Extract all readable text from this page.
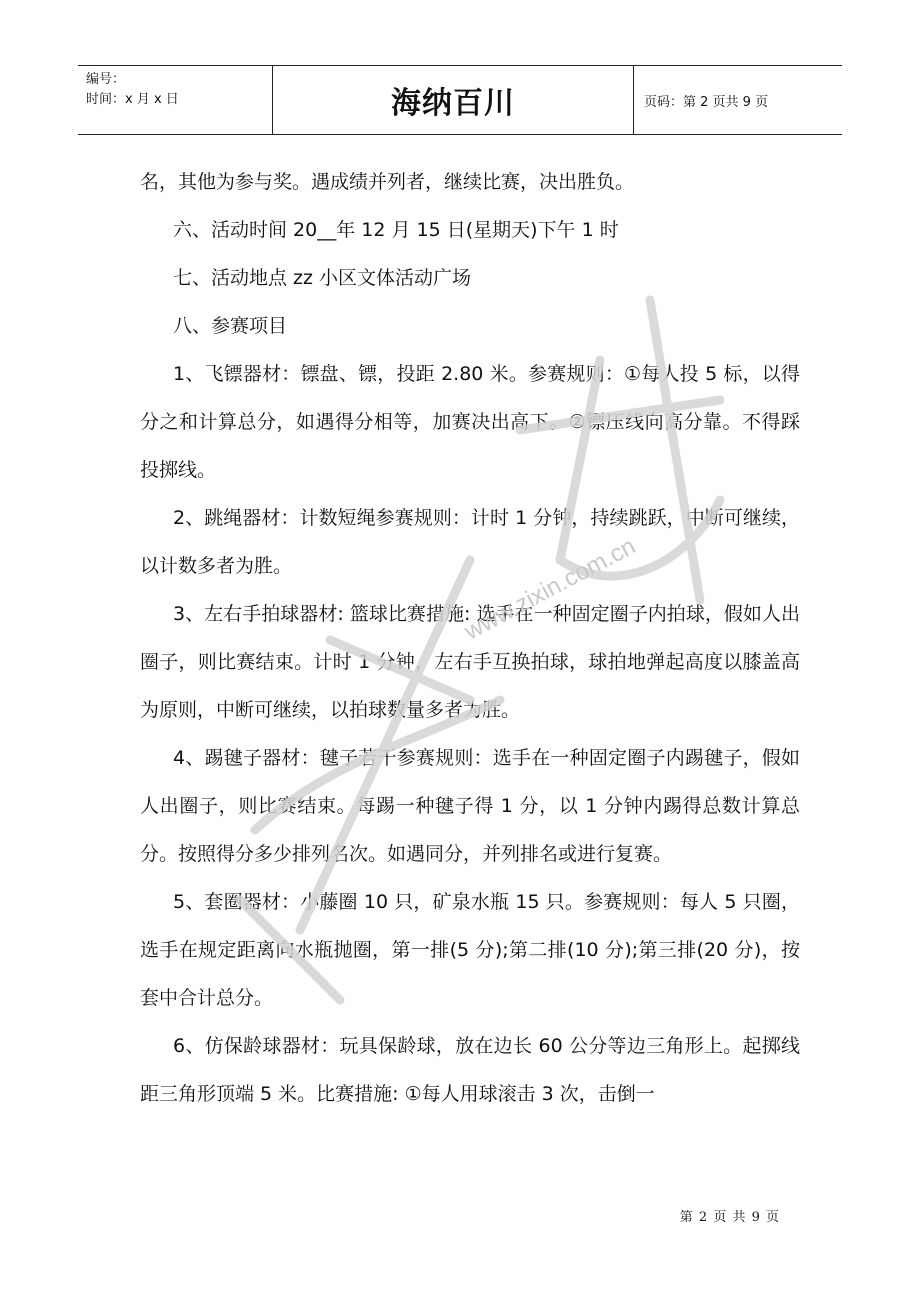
编号：
时间：x 月 x 日	海纳百川	页码：第 2 页共 9 页

名，其他为参与奖。遇成绩并列者，继续比赛，决出胜负。

六、活动时间 20__年 12 月 15 日(星期天)下午 1 时

七、活动地点 zz 小区文体活动广场

八、参赛项目

1、飞镖器材：镖盘、镖，投距 2.80 米。参赛规则：①每人投 5 标，以得分之和计算总分，如遇得分相等，加赛决出高下。②镖压线向高分靠。不得踩投掷线。

2、跳绳器材：计数短绳参赛规则：计时 1 分钟，持续跳跃，中断可继续，以计数多者为胜。

3、左右手拍球器材: 篮球比赛措施: 选手在一种固定圈子内拍球，假如人出圈子，则比赛结束。计时 1 分钟，左右手互换拍球，球拍地弹起高度以膝盖高为原则，中断可继续，以拍球数量多者为胜。

4、踢毽子器材：毽子若干参赛规则：选手在一种固定圈子内踢毽子，假如人出圈子，则比赛结束。每踢一种毽子得 1 分，以 1 分钟内踢得总数计算总分。按照得分多少排列名次。如遇同分，并列排名或进行复赛。

5、套圈器材：小藤圈 10 只，矿泉水瓶 15 只。参赛规则：每人 5 只圈，选手在规定距离向水瓶抛圈，第一排(5 分);第二排(10 分);第三排(20 分)，按套中合计总分。

6、仿保龄球器材：玩具保龄球，放在边长 60 公分等边三角形上。起掷线距三角形顶端 5 米。比赛措施: ①每人用球滚击 3 次，击倒一

第 2 页 共 9 页
www.zixin.com.cn
